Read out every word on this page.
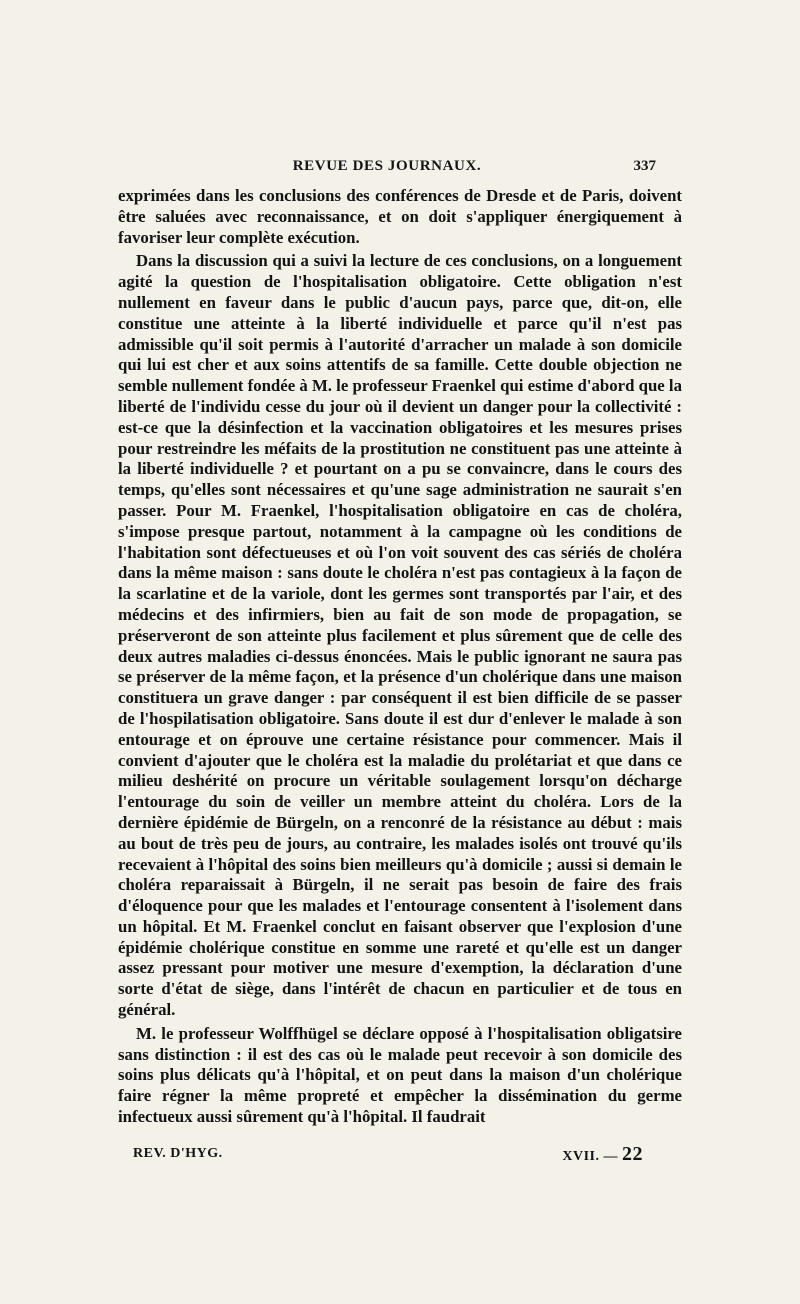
REVUE DES JOURNAUX.	337

exprimées dans les conclusions des conférences de Dresde et de Paris, doivent être saluées avec reconnaissance, et on doit s'appliquer énergiquement à favoriser leur complète exécution.

Dans la discussion qui a suivi la lecture de ces conclusions, on a longuement agité la question de l'hospitalisation obligatoire. Cette obligation n'est nullement en faveur dans le public d'aucun pays, parce que, dit-on, elle constitue une atteinte à la liberté individuelle et parce qu'il n'est pas admissible qu'il soit permis à l'autorité d'arracher un malade à son domicile qui lui est cher et aux soins attentifs de sa famille. Cette double objection ne semble nullement fondée à M. le professeur Fraenkel qui estime d'abord que la liberté de l'individu cesse du jour où il devient un danger pour la collectivité : est-ce que la désinfection et la vaccination obligatoires et les mesures prises pour restreindre les méfaits de la prostitution ne constituent pas une atteinte à la liberté individuelle ? et pourtant on a pu se convaincre, dans le cours des temps, qu'elles sont nécessaires et qu'une sage administration ne saurait s'en passer. Pour M. Fraenkel, l'hospitalisation obligatoire en cas de choléra, s'impose presque partout, notamment à la campagne où les conditions de l'habitation sont défectueuses et où l'on voit souvent des cas sériés de choléra dans la même maison : sans doute le choléra n'est pas contagieux à la façon de la scarlatine et de la variole, dont les germes sont transportés par l'air, et des médecins et des infirmiers, bien au fait de son mode de propagation, se préserveront de son atteinte plus facilement et plus sûrement que de celle des deux autres maladies ci-dessus énoncées. Mais le public ignorant ne saura pas se préserver de la même façon, et la présence d'un cholérique dans une maison constituera un grave danger : par conséquent il est bien difficile de se passer de l'hospilatisation obligatoire. Sans doute il est dur d'enlever le malade à son entourage et on éprouve une certaine résistance pour commencer. Mais il convient d'ajouter que le choléra est la maladie du prolétariat et que dans ce milieu deshérité on procure un véritable soulagement lorsqu'on décharge l'entourage du soin de veiller un membre atteint du choléra. Lors de la dernière épidémie de Bürgeln, on a renconré de la résistance au début : mais au bout de très peu de jours, au contraire, les malades isolés ont trouvé qu'ils recevaient à l'hôpital des soins bien meilleurs qu'à domicile ; aussi si demain le choléra reparaissait à Bürgeln, il ne serait pas besoin de faire des frais d'éloquence pour que les malades et l'entourage consentent à l'isolement dans un hôpital. Et M. Fraenkel conclut en faisant observer que l'explosion d'une épidémie cholérique constitue en somme une rareté et qu'elle est un danger assez pressant pour motiver une mesure d'exemption, la déclaration d'une sorte d'état de siège, dans l'intérêt de chacun en particulier et de tous en général.

M. le professeur Wolffhügel se déclare opposé à l'hospitalisation obligatsire sans distinction : il est des cas où le malade peut recevoir à son domicile des soins plus délicats qu'à l'hôpital, et on peut dans la maison d'un cholérique faire régner la même propreté et empêcher la dissémination du germe infectueux aussi sûrement qu'à l'hôpital. Il faudrait

REV. D'HYG.	XVII. — 22
